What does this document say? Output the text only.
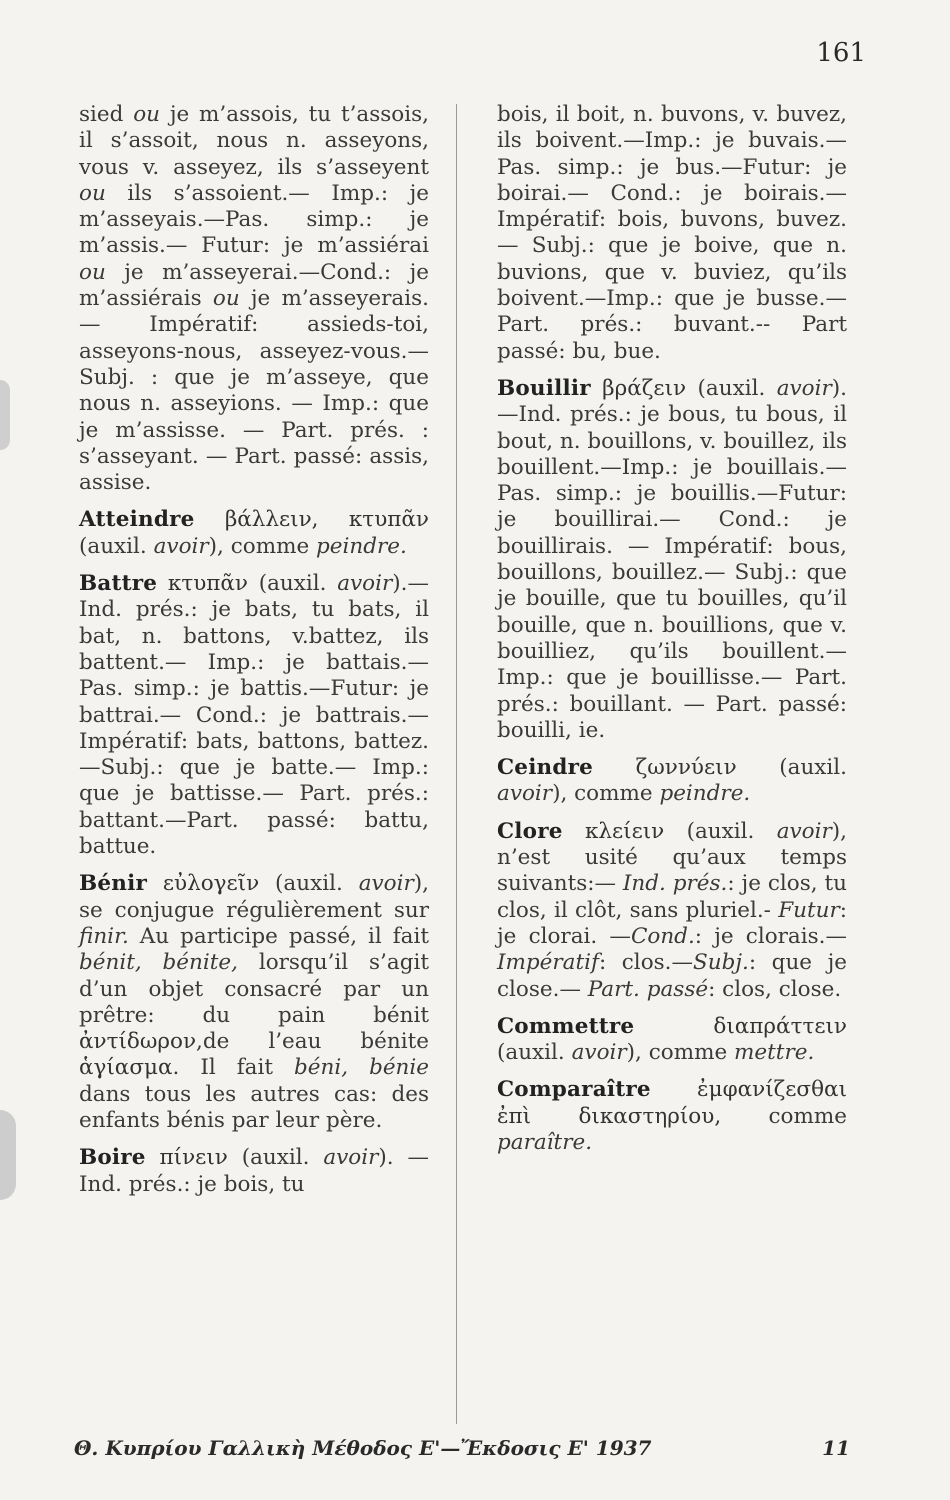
161

sied ou je m’assois, tu t’assois, il s’assoit, nous n. asseyons, vous v. asseyez, ils s’asseyent ou ils s’assoient.— Imp.: je m’asseyais.—Pas. simp.: je m’assis.— Futur: je m’assiérai ou je m’asseyerai.—Cond.: je m’assiérais ou je m’asseyerais. — Impératif: assieds-toi, asseyons-nous, asseyez-vous.—Subj. : que je m’asseye, que nous n. asseyions. — Imp.: que je m’assisse. — Part. prés. : s’asseyant. — Part. passé: assis, assise.

Atteindre βάλλειν, κτυπᾶν (auxil. avoir), comme peindre.

Battre κτυπᾶν (auxil. avoir).— Ind. prés.: je bats, tu bats, il bat, n. battons, v.battez, ils battent.— Imp.: je battais.—Pas. simp.: je battis.—Futur: je battrai.— Cond.: je battrais.— Impératif: bats, battons, battez. —Subj.: que je batte.— Imp.: que je battisse.— Part. prés.: battant.—Part. passé: battu, battue.

Bénir εὐλογεῖν (auxil. avoir), se conjugue régulièrement sur finir. Au participe passé, il fait bénit, bénite, lorsqu’il s’agit d’un objet consacré par un prêtre: du pain bénit ἀντίδωρον,de l’eau bénite ἁγίασμα. Il fait béni, bénie dans tous les autres cas: des enfants bénis par leur père.

Boire πίνειν (auxil. avoir). —Ind. prés.: je bois, tu

bois, il boit, n. buvons, v. buvez, ils boivent.—Imp.: je buvais.—Pas. simp.: je bus.—Futur: je boirai.— Cond.: je boirais.—Impératif: bois, buvons, buvez.— Subj.: que je boive, que n. buvions, que v. buviez, qu’ils boivent.—Imp.: que je busse.—Part. prés.: buvant.-- Part passé: bu, bue.

Bouillir βράζειν (auxil. avoir).—Ind. prés.: je bous, tu bous, il bout, n. bouillons, v. bouillez, ils bouillent.—Imp.: je bouillais.— Pas. simp.: je bouillis.—Futur: je bouillirai.— Cond.: je bouillirais. — Impératif: bous, bouillons, bouillez.— Subj.: que je bouille, que tu bouilles, qu’il bouille, que n. bouillions, que v. bouilliez, qu’ils bouillent.— Imp.: que je bouillisse.— Part. prés.: bouillant. — Part. passé: bouilli, ie.

Ceindre ζωννύειν (auxil. avoir), comme peindre.

Clore κλείειν (auxil. avoir), n’est usité qu’aux temps suivants:— Ind. prés.: je clos, tu clos, il clôt, sans pluriel.- Futur: je clorai. —Cond.: je clorais.—Impératif: clos.—Subj.: que je close.— Part. passé: clos, close.

Commettre διαπράττειν (auxil. avoir), comme mettre.

Comparaître ἐμφανίζεσθαι ἐπὶ δικαστηρίου, comme paraître.

Θ. Κυπρίου Γαλλικὴ Μέθοδος Ε'—Ἔκδοσις Ε' 1937	11
